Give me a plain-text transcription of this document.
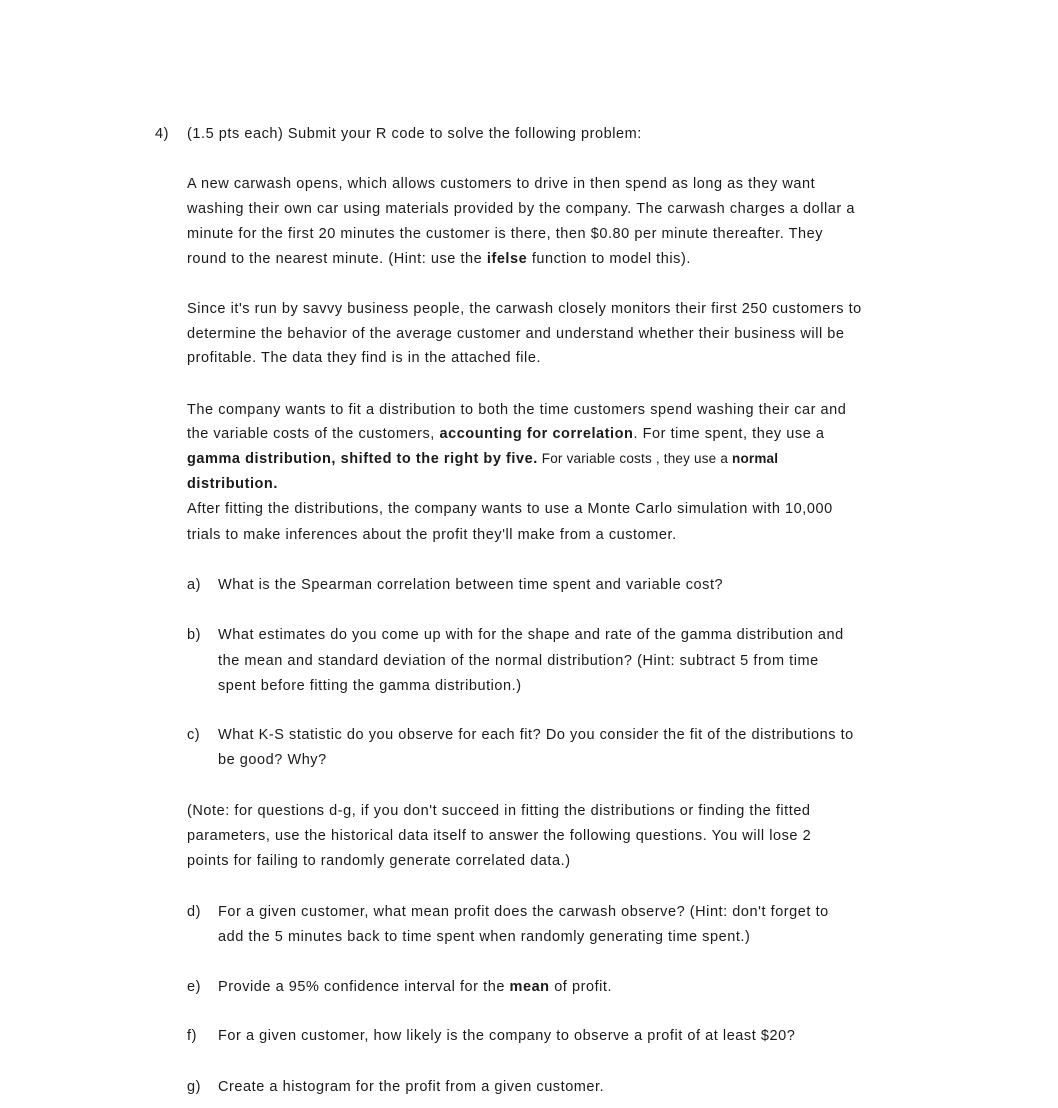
4) (1.5 pts each) Submit your R code to solve the following problem:
A new carwash opens, which allows customers to drive in then spend as long as they want
washing their own car using materials provided by the company. The carwash charges a dollar a
minute for the first 20 minutes the customer is there, then $0.80 per minute thereafter. They
round to the nearest minute. (Hint: use the ifelse function to model this).
Since it's run by savvy business people, the carwash closely monitors their first 250 customers to
determine the behavior of the average customer and understand whether their business will be
profitable. The data they find is in the attached file.
The company wants to fit a distribution to both the time customers spend washing their car and
the variable costs of the customers, accounting for correlation. For time spent, they use a
gamma distribution, shifted to the right by five. For variable costs , they use a normal
distribution.
After fitting the distributions, the company wants to use a Monte Carlo simulation with 10,000
trials to make inferences about the profit they'll make from a customer.
a) What is the Spearman correlation between time spent and variable cost?
b) What estimates do you come up with for the shape and rate of the gamma distribution and
the mean and standard deviation of the normal distribution? (Hint: subtract 5 from time
spent before fitting the gamma distribution.)
c) What K-S statistic do you observe for each fit? Do you consider the fit of the distributions to
be good? Why?
(Note: for questions d-g, if you don't succeed in fitting the distributions or finding the fitted
parameters, use the historical data itself to answer the following questions. You will lose 2
points for failing to randomly generate correlated data.)
d) For a given customer, what mean profit does the carwash observe? (Hint: don't forget to
add the 5 minutes back to time spent when randomly generating time spent.)
e) Provide a 95% confidence interval for the mean of profit.
f) For a given customer, how likely is the company to observe a profit of at least $20?
g) Create a histogram for the profit from a given customer.
